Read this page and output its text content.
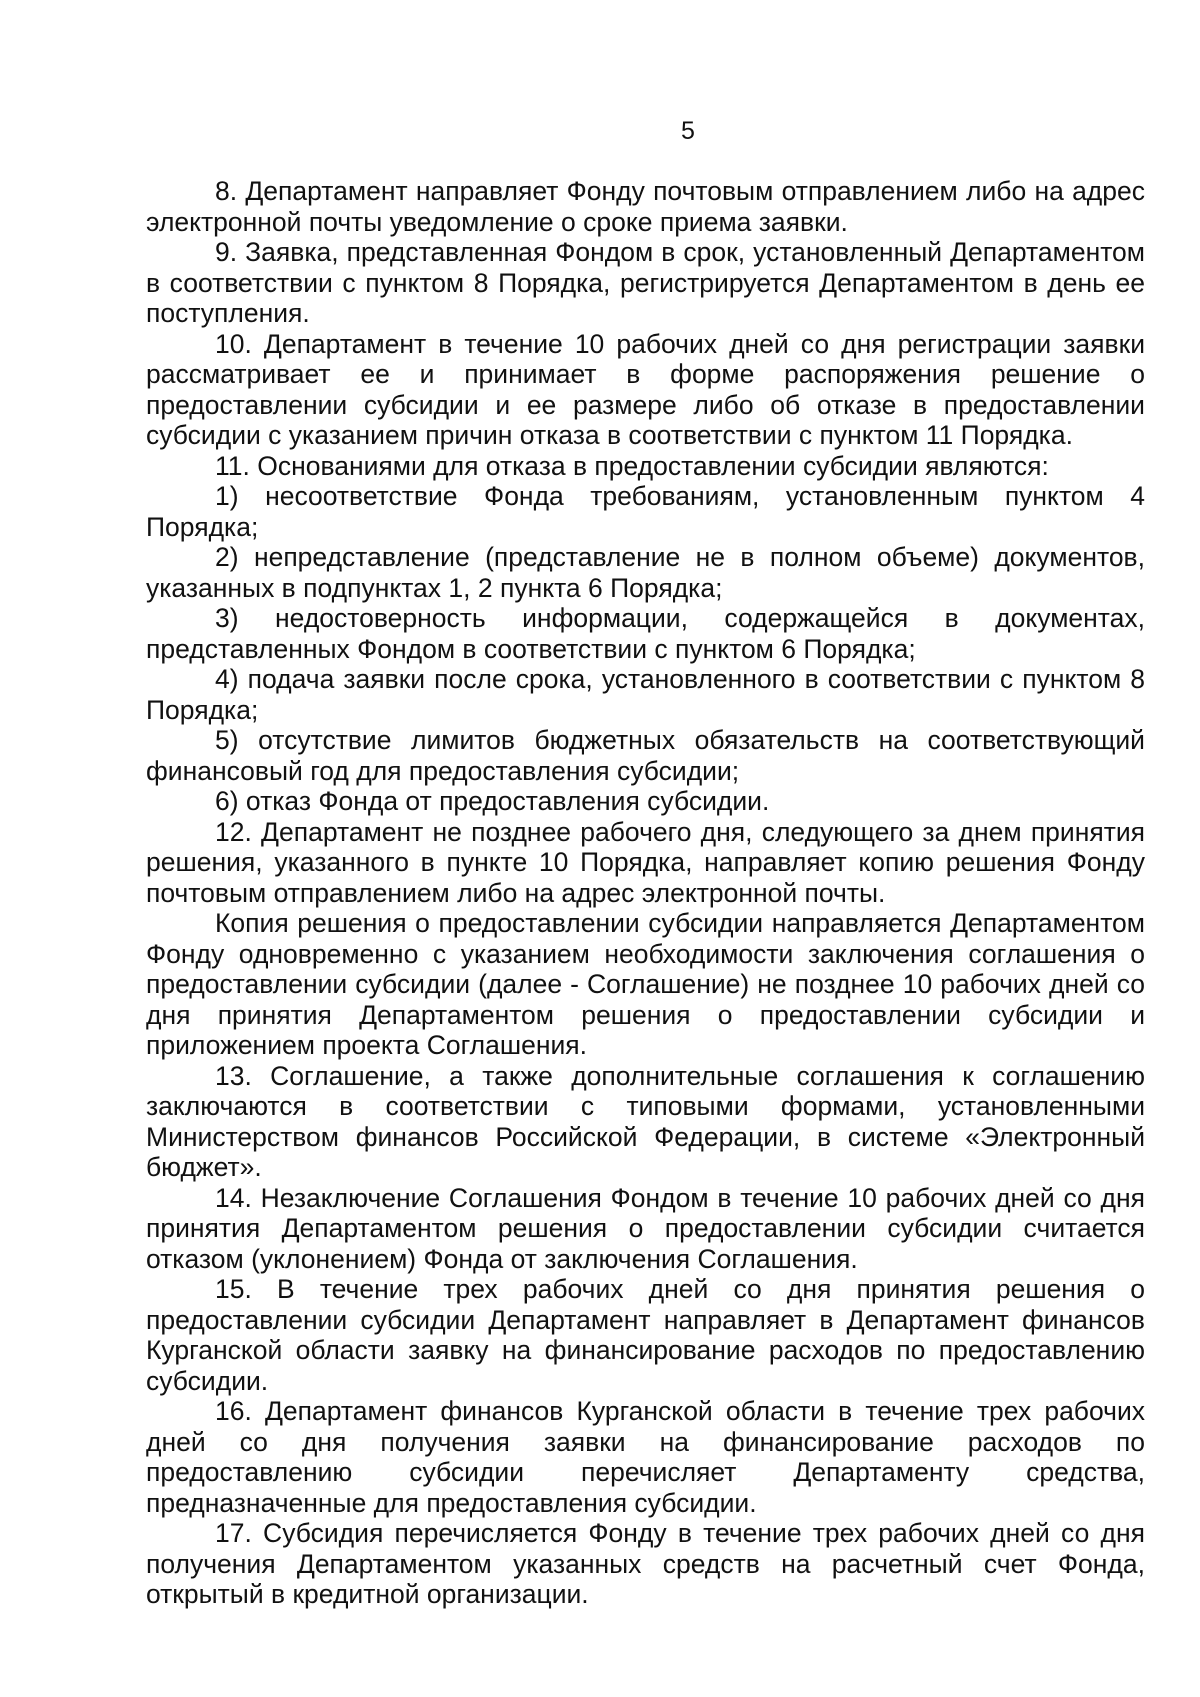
5

8. Департамент направляет Фонду почтовым отправлением либо на адрес электронной почты уведомление о сроке приема заявки.

9. Заявка, представленная Фондом в срок, установленный Департаментом в соответствии с пунктом 8 Порядка, регистрируется Департаментом в день ее поступления.

10. Департамент в течение 10 рабочих дней со дня регистрации заявки рассматривает ее и принимает в форме распоряжения решение о предоставлении субсидии и ее размере либо об отказе в предоставлении субсидии с указанием причин отказа в соответствии с пунктом 11 Порядка.

11. Основаниями для отказа в предоставлении субсидии являются:

1) несоответствие Фонда требованиям, установленным пунктом 4 Порядка;

2) непредставление (представление не в полном объеме) документов, указанных в подпунктах 1, 2 пункта 6 Порядка;

3) недостоверность информации, содержащейся в документах, представленных Фондом в соответствии с пунктом 6 Порядка;

4) подача заявки после срока, установленного в соответствии с пунктом 8 Порядка;

5) отсутствие лимитов бюджетных обязательств на соответствующий финансовый год для предоставления субсидии;

6) отказ Фонда от предоставления субсидии.

12. Департамент не позднее рабочего дня, следующего за днем принятия решения, указанного в пункте 10 Порядка, направляет копию решения Фонду почтовым отправлением либо на адрес электронной почты.

Копия решения о предоставлении субсидии направляется Департаментом Фонду одновременно с указанием необходимости заключения соглашения о предоставлении субсидии (далее - Соглашение) не позднее 10 рабочих дней со дня принятия Департаментом решения о предоставлении субсидии и приложением проекта Соглашения.

13. Соглашение, а также дополнительные соглашения к соглашению заключаются в соответствии с типовыми формами, установленными Министерством финансов Российской Федерации, в системе «Электронный бюджет».

14. Незаключение Соглашения Фондом в течение 10 рабочих дней со дня принятия Департаментом решения о предоставлении субсидии считается отказом (уклонением) Фонда от заключения Соглашения.

15. В течение трех рабочих дней со дня принятия решения о предоставлении субсидии Департамент направляет в Департамент финансов Курганской области заявку на финансирование расходов по предоставлению субсидии.

16. Департамент финансов Курганской области в течение трех рабочих дней со дня получения заявки на финансирование расходов по предоставлению субсидии перечисляет Департаменту средства, предназначенные для предоставления субсидии.

17. Субсидия перечисляется Фонду в течение трех рабочих дней со дня получения Департаментом указанных средств на расчетный счет Фонда, открытый в кредитной организации.
